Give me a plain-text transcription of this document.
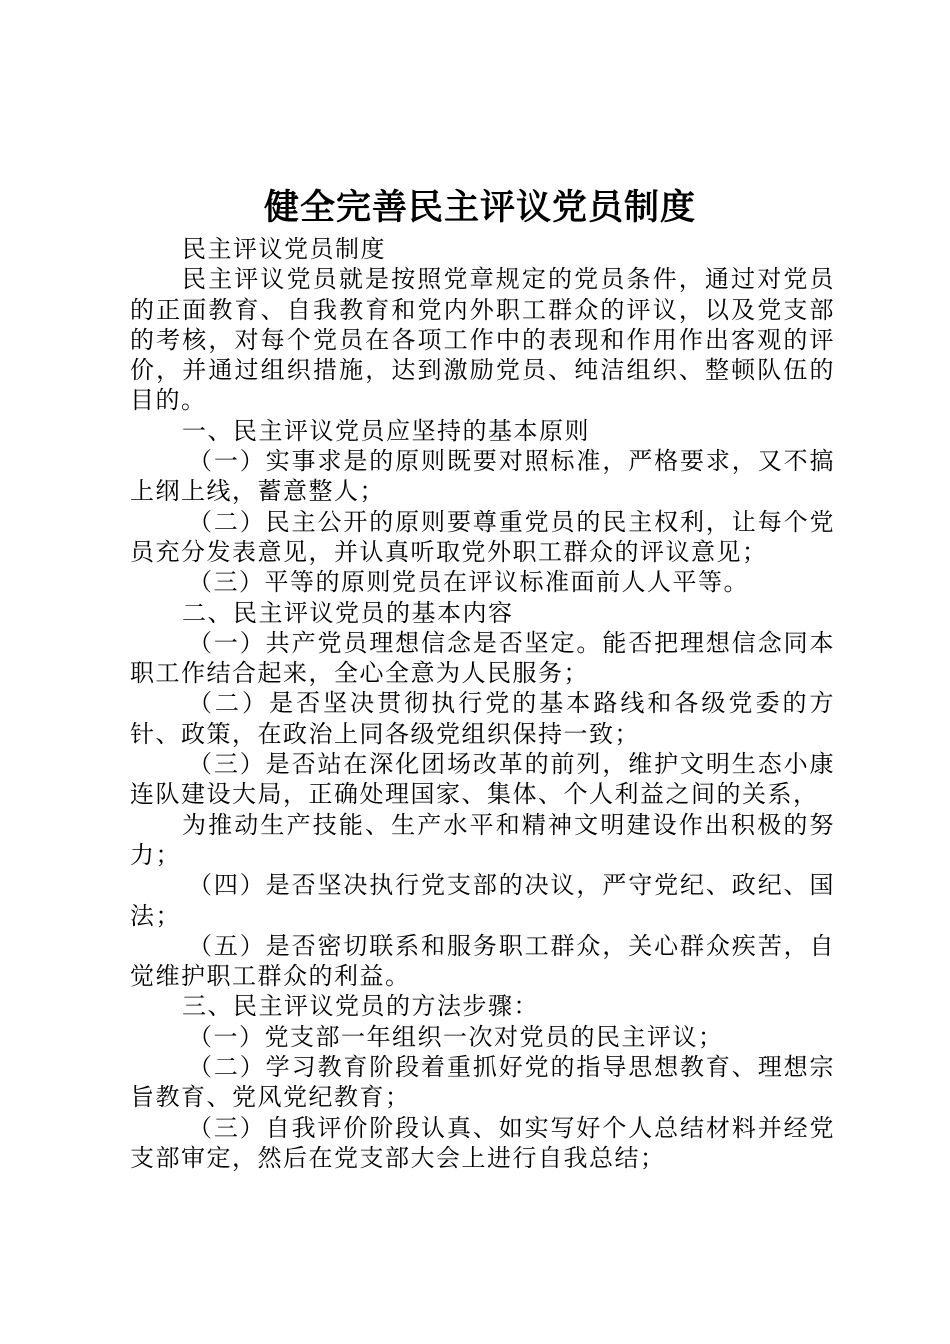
健全完善民主评议党员制度

民主评议党员制度

民主评议党员就是按照党章规定的党员条件，通过对党员的正面教育、自我教育和党内外职工群众的评议，以及党支部的考核，对每个党员在各项工作中的表现和作用作出客观的评价，并通过组织措施，达到激励党员、纯洁组织、整顿队伍的目的。

一、民主评议党员应坚持的基本原则

（一）实事求是的原则既要对照标准，严格要求，又不搞上纲上线，蓄意整人；

（二）民主公开的原则要尊重党员的民主权利，让每个党员充分发表意见，并认真听取党外职工群众的评议意见；

（三）平等的原则党员在评议标准面前人人平等。

二、民主评议党员的基本内容

（一）共产党员理想信念是否坚定。能否把理想信念同本职工作结合起来，全心全意为人民服务；

（二）是否坚决贯彻执行党的基本路线和各级党委的方针、政策，在政治上同各级党组织保持一致；

（三）是否站在深化团场改革的前列，维护文明生态小康连队建设大局，正确处理国家、集体、个人利益之间的关系，

为推动生产技能、生产水平和精神文明建设作出积极的努力；

（四）是否坚决执行党支部的决议，严守党纪、政纪、国法；

（五）是否密切联系和服务职工群众，关心群众疾苦，自觉维护职工群众的利益。

三、民主评议党员的方法步骤：

（一）党支部一年组织一次对党员的民主评议；

（二）学习教育阶段着重抓好党的指导思想教育、理想宗旨教育、党风党纪教育；

（三）自我评价阶段认真、如实写好个人总结材料并经党支部审定，然后在党支部大会上进行自我总结；
